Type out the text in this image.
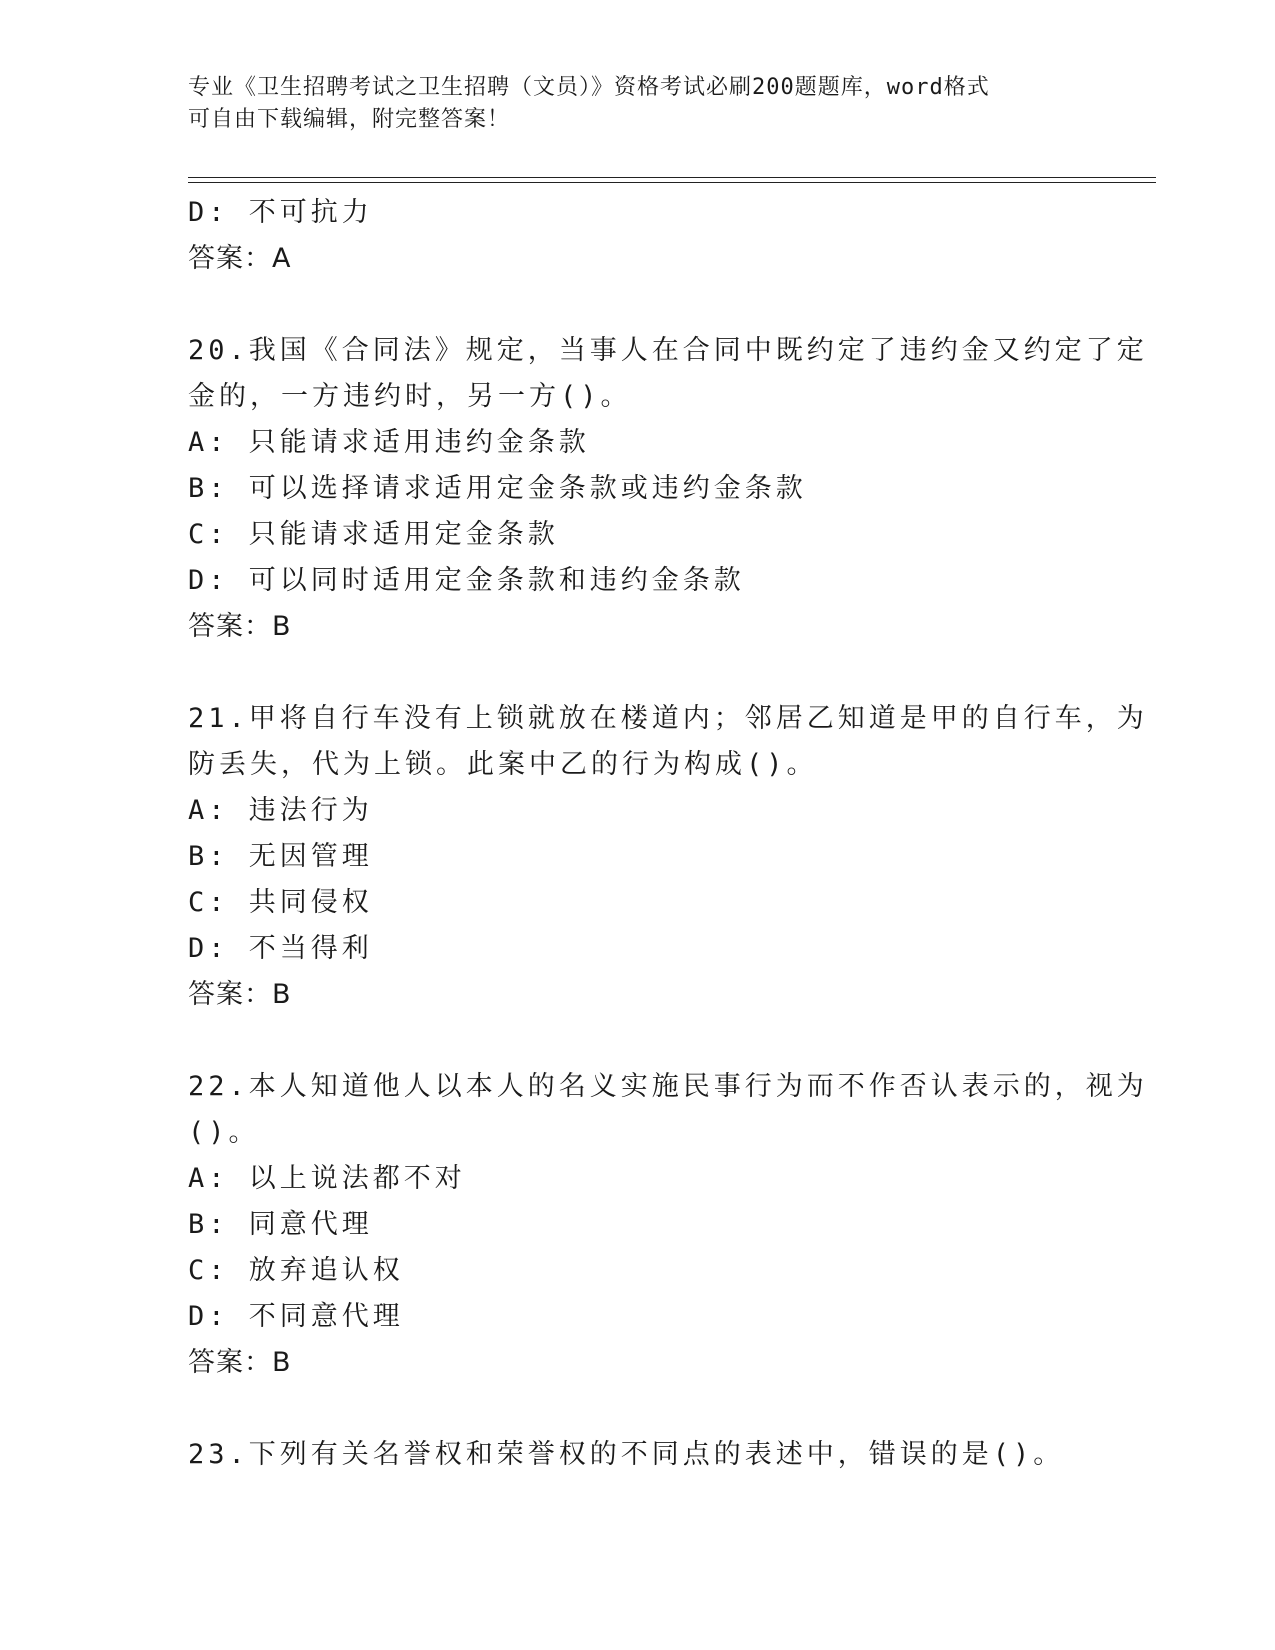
专业《卫生招聘考试之卫生招聘（文员）》资格考试必刷200题题库，word格式
可自由下载编辑，附完整答案！
D: 不可抗力
答案：A
20.我国《合同法》规定，当事人在合同中既约定了违约金又约定了定
金的，一方违约时，另一方()。
A: 只能请求适用违约金条款
B: 可以选择请求适用定金条款或违约金条款
C: 只能请求适用定金条款
D: 可以同时适用定金条款和违约金条款
答案：B
21.甲将自行车没有上锁就放在楼道内；邻居乙知道是甲的自行车，为
防丢失，代为上锁。此案中乙的行为构成()。
A: 违法行为
B: 无因管理
C: 共同侵权
D: 不当得利
答案：B
22.本人知道他人以本人的名义实施民事行为而不作否认表示的，视为
()。
A: 以上说法都不对
B: 同意代理
C: 放弃追认权
D: 不同意代理
答案：B
23.下列有关名誉权和荣誉权的不同点的表述中，错误的是()。
